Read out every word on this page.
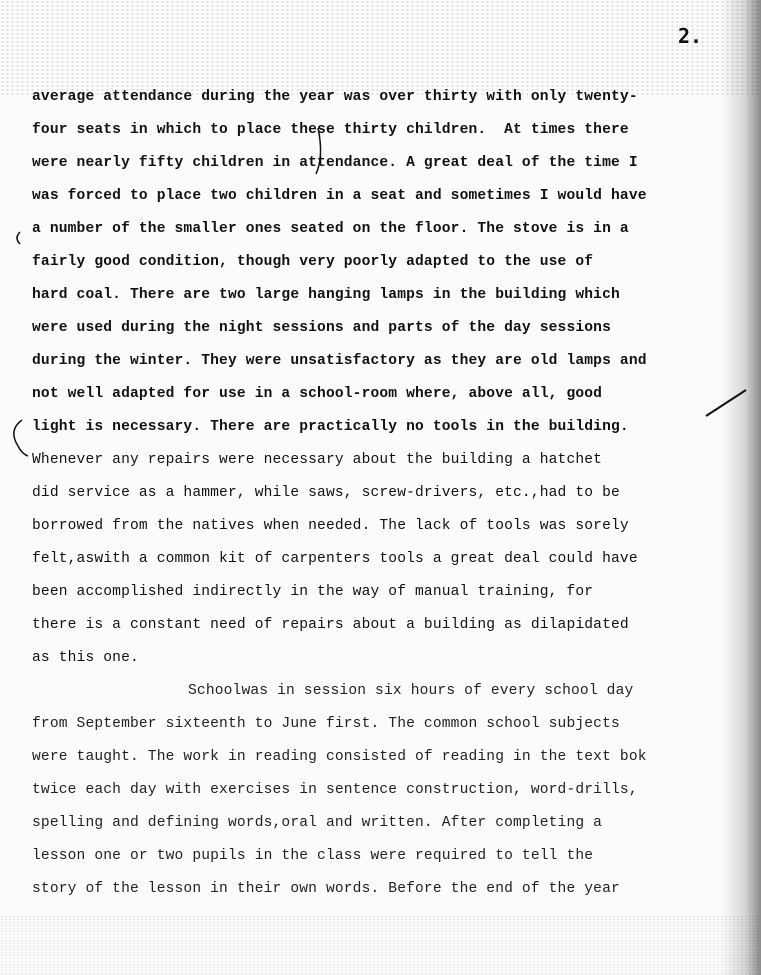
2.
average attendance during the year was over thirty with only twenty-
four seats in which to place these thirty children.  At times there
were nearly fifty children in attendance. A great deal of the time I
was forced to place two children in a seat and sometimes I would have
a number of the smaller ones seated on the floor. The stove is in a
fairly good condition, though very poorly adapted to the use of
hard coal. There are two large hanging lamps in the building which
were used during the night sessions and parts of the day sessions
during the winter. They were unsatisfactory as they are old lamps and
not well adapted for use in a school-room where, above all, good
light is necessary. There are practically no tools in the building.
Whenever any repairs were necessary about the building a hatchet
did service as a hammer, while saws, screw-drivers, etc.,had to be
borrowed from the natives when needed. The lack of tools was sorely
felt,aswith a common kit of carpenters tools a great deal could have
been accomplished indirectly in the way of manual training, for
there is a constant need of repairs about a building as dilapidated
as this one.
Schoolwas in session six hours of every school day
from September sixteenth to June first. The common school subjects
were taught. The work in reading consisted of reading in the text bok
twice each day with exercises in sentence construction, word-drills,
spelling and defining words,oral and written. After completing a
lesson one or two pupils in the class were required to tell the
story of the lesson in their own words. Before the end of the year
